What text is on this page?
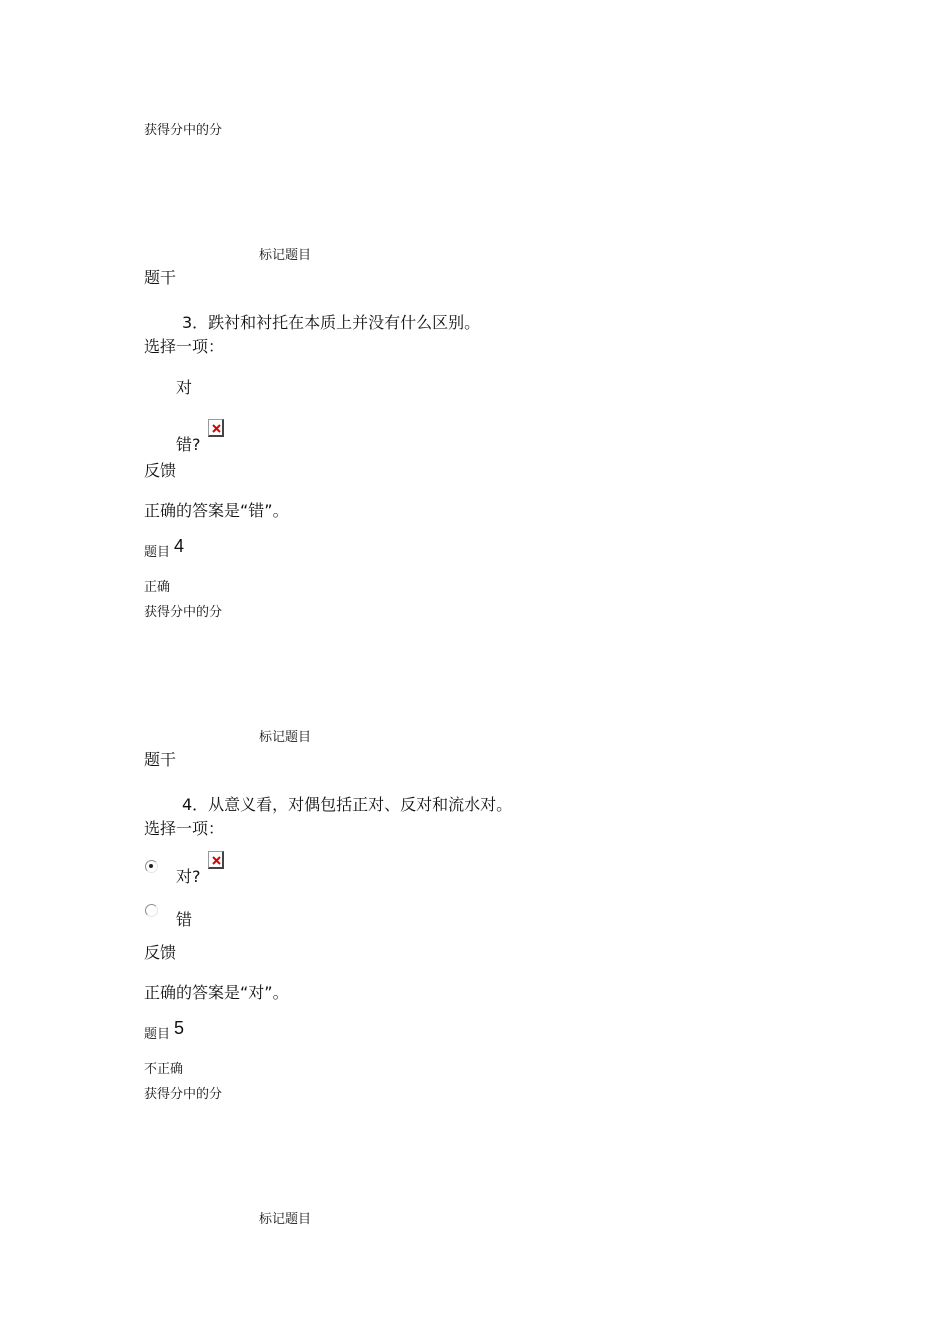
获得分中的分
标记题目
题干
3．跌衬和衬托在本质上并没有什么区别。
选择一项：
对
错?
反馈
正确的答案是“错”。
题目 4
正确
获得分中的分
标记题目
题干
4．从意义看，对偶包括正对、反对和流水对。
选择一项：
对?
错
反馈
正确的答案是“对”。
题目 5
不正确
获得分中的分
标记题目
